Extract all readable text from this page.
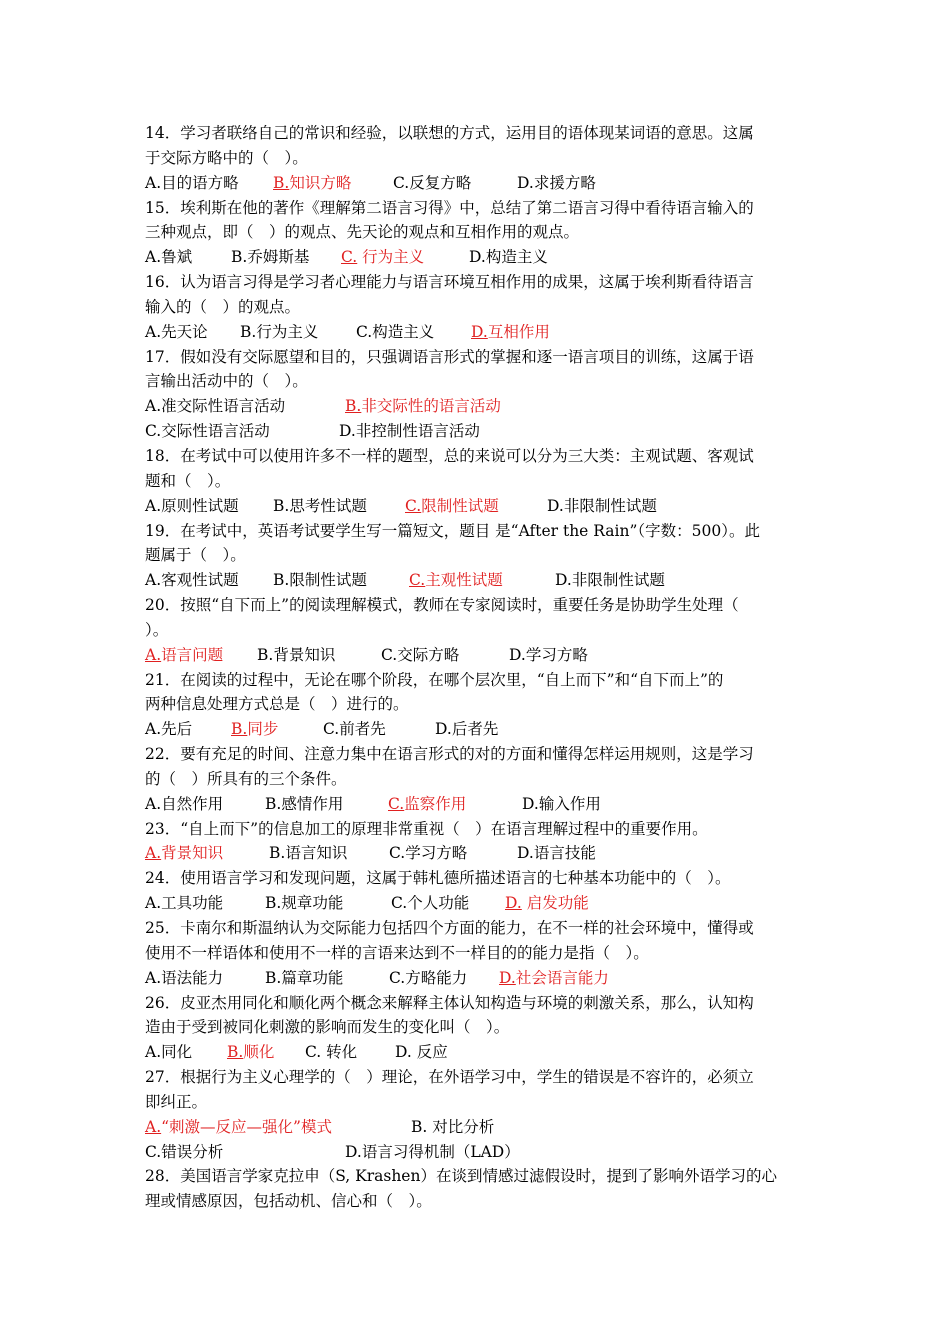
14．学习者联络自己的常识和经验，以联想的方式，运用目的语体现某词语的意思。这属
于交际方略中的（　）。
A.目的语方略 B.知识方略	C.反复方略	D.求援方略
15．埃利斯在他的著作《理解第二语言习得》中，总结了第二语言习得中看待语言输入的
三种观点，即（　）的观点、先天论的观点和互相作用的观点。
A.鲁斌	B.乔姆斯基 C. 行为主义	D.构造主义
16．认为语言习得是学习者心理能力与语言环境互相作用的成果，这属于埃利斯看待语言
输入的（　）的观点。
A.先天论 B.行为主义 C.构造主义 D.互相作用
17．假如没有交际愿望和目的，只强调语言形式的掌握和逐一语言项目的训练，这属于语
言输出活动中的（　）。
A.准交际性语言活动	B.非交际性的语言活动
C.交际性语言活动	D.非控制性语言活动
18．在考试中可以使用许多不一样的题型，总的来说可以分为三大类：主观试题、客观试
题和（　）。
A.原则性试题 B.思考性试题 C.限制性试题	D.非限制性试题
19．在考试中，英语考试要学生写一篇短文，题目 是“After the Rain”（字数：500）。此
题属于（　）。
A.客观性试题 B.限制性试题	C.主观性试题	D.非限制性试题
20．按照“自下而上”的阅读理解模式，教师在专家阅读时，重要任务是协助学生处理（
）。
A.语言问题 B.背景知识	C.交际方略	D.学习方略
21．在阅读的过程中，无论在哪个阶段，在哪个层次里，“自上而下”和“自下而上”的
两种信息处理方式总是（　）进行的。
A.先后	B.同步	C.前者先	D.后者先
22．要有充足的时间、注意力集中在语言形式的对的方面和懂得怎样运用规则，这是学习
的（　）所具有的三个条件。
A.自然作用	B.感情作用	C.监察作用	D.输入作用
23．“自上而下”的信息加工的原理非常重视（　）在语言理解过程中的重要作用。
A.背景知识	B.语言知识	C.学习方略	D.语言技能
24．使用语言学习和发现问题，这属于韩札德所描述语言的七种基本功能中的（　）。
A.工具功能	B.规章功能	C.个人功能 D. 启发功能
25．卡南尔和斯温纳认为交际能力包括四个方面的能力，在不一样的社会环境中，懂得或
使用不一样语体和使用不一样的言语来达到不一样目的的能力是指（　）。
A.语法能力	B.篇章功能	C.方略能力 D.社会语言能力
26．皮亚杰用同化和顺化两个概念来解释主体认知构造与环境的刺激关系，那么，认知构
造由于受到被同化刺激的影响而发生的变化叫（　）。
A.同化 B.顺化 C. 转化 D. 反应
27．根据行为主义心理学的（　）理论，在外语学习中，学生的错误是不容许的，必须立
即纠正。
A.“刺激—反应—强化”模式	B. 对比分析
C.错误分析	D.语言习得机制（LAD）
28．美国语言学家克拉申（S, Krashen）在谈到情感过滤假设时，提到了影响外语学习的心
理或情感原因，包括动机、信心和（　）。
